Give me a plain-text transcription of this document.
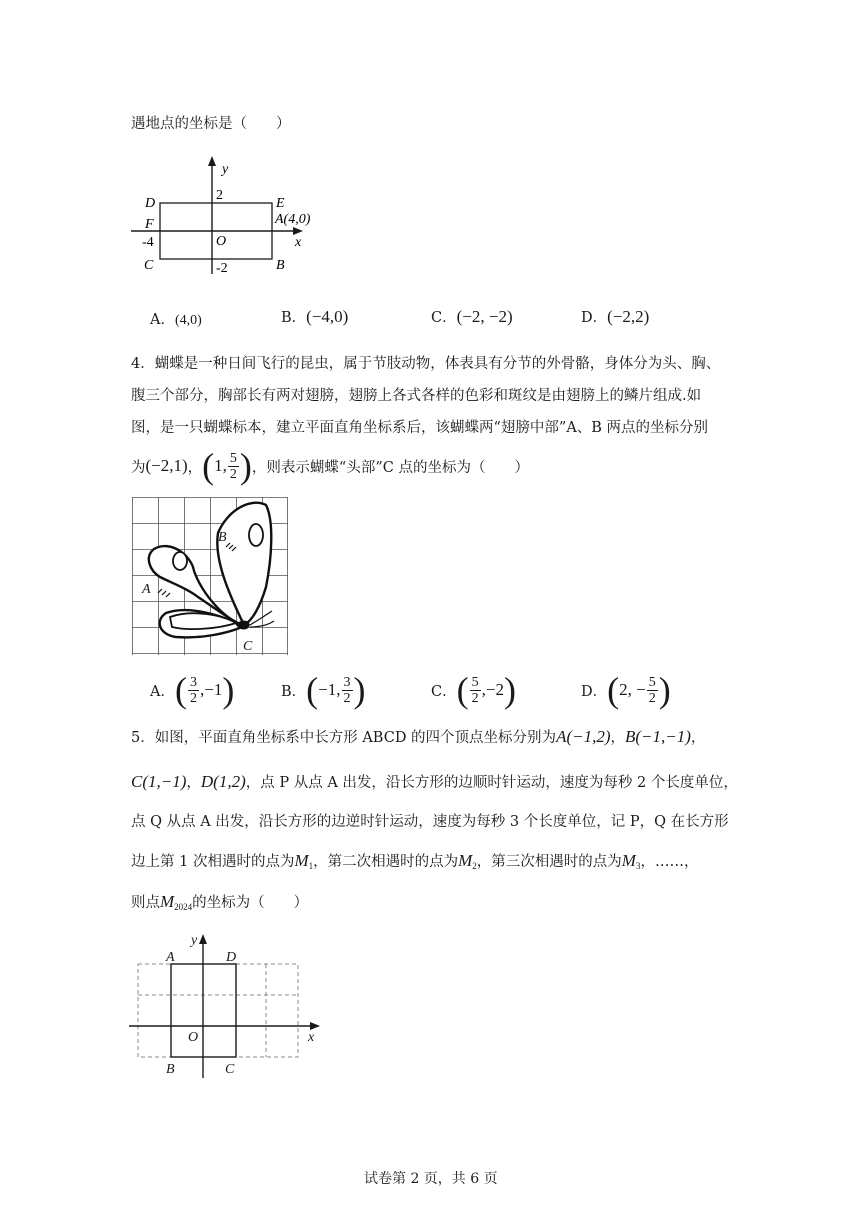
遇地点的坐标是（　　）
y
x
2
D	E
F	A(4,0)
-4	O
C	B
-2
A．(4,0)	B．(−4,0)	C．(−2, −2)	D．(−2,2)
4．蝴蝶是一种日间飞行的昆虫，属于节肢动物，体表具有分节的外骨骼，身体分为头、胸、
腹三个部分，胸部长有两对翅膀，翅膀上各式各样的色彩和斑纹是由翅膀上的鳞片组成.如
图，是一只蝴蝶标本，建立平面直角坐标系后，该蝴蝶两“翅膀中部”A、B 两点的坐标分别
为 (−2,1) ， ( 1, $\frac{5}{2}$ ) ，则表示蝴蝶“头部”C 点的坐标为（　　）
A
B
C
A． ( $\frac{3}{2} ,-1$ )	B． ( −1, $\frac{3}{2}$ )	C． ( $\frac{5}{2} ,-2$ )	D． ( 2, − $\frac{5}{2}$ )
5．如图，平面直角坐标系中长方形 ABCD 的四个顶点坐标分别为A(−1,2)，B(−1,−1)，
C(1,−1)，D(1,2)，点 P 从点 A 出发，沿长方形的边顺时针运动，速度为每秒 2 个长度单位，
点 Q 从点 A 出发，沿长方形的边逆时针运动，速度为每秒 3 个长度单位，记 P，Q 在长方形
边上第 1 次相遇时的点为$M_1$，第二次相遇时的点为$M_2$，第三次相遇时的点为$M_3$，……，
则点$M_{2024}$的坐标为（　　）
y
x
A	D
O
B	C
试卷第 2 页，共 6 页
